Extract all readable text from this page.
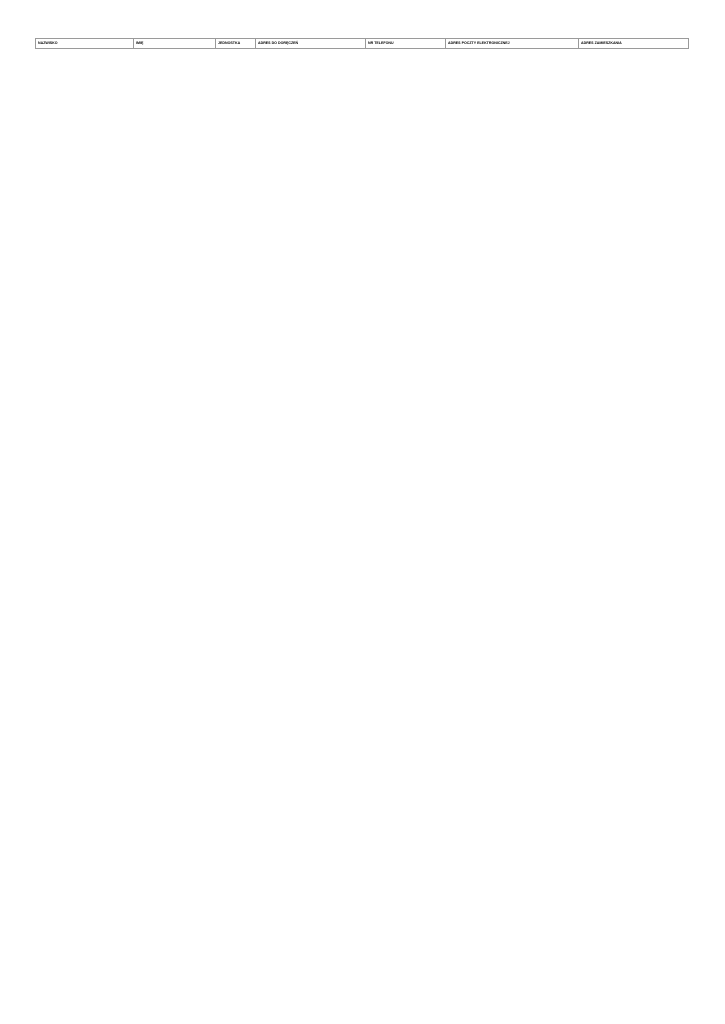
NAZWISKO	IMIĘ	JEDNOSTKA	ADRES DO DORĘCZEŃ	NR TELEFONU	ADRES POCZTY ELEKTRONICZNEJ	ADRES ZAMIESZKANIA
